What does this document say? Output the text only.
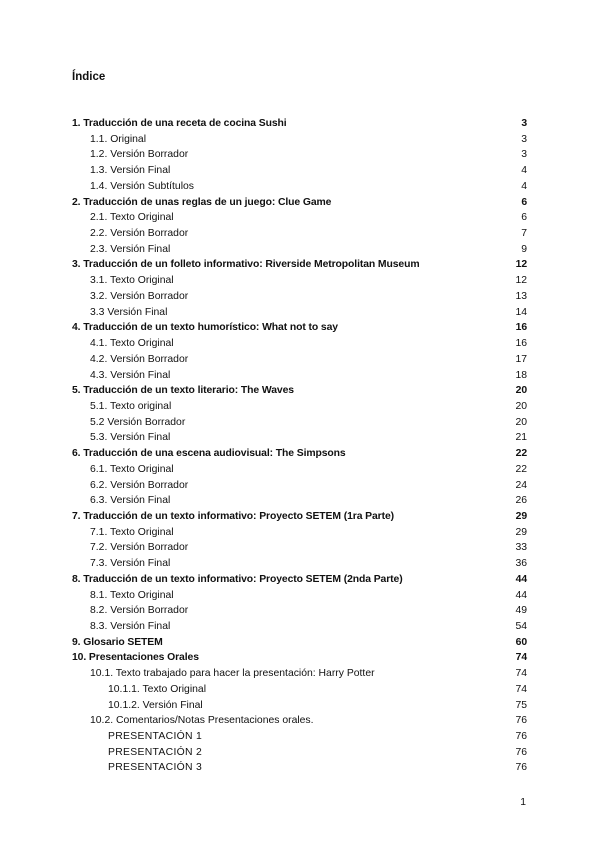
Índice
1. Traducción de una receta de cocina Sushi	3
1.1. Original	3
1.2. Versión Borrador	3
1.3. Versión Final	4
1.4. Versión Subtítulos	4
2. Traducción de unas reglas de un juego: Clue Game	6
2.1. Texto Original	6
2.2. Versión Borrador	7
2.3. Versión Final	9
3. Traducción de un folleto informativo: Riverside Metropolitan Museum	12
3.1. Texto Original	12
3.2. Versión Borrador	13
3.3 Versión Final	14
4. Traducción de un texto humorístico: What not to say	16
4.1. Texto Original	16
4.2. Versión Borrador	17
4.3. Versión Final	18
5. Traducción de un texto literario: The Waves	20
5.1. Texto original	20
5.2 Versión Borrador	20
5.3. Versión Final	21
6. Traducción de una escena audiovisual: The Simpsons	22
6.1. Texto Original	22
6.2. Versión Borrador	24
6.3. Versión Final	26
7. Traducción de un texto informativo: Proyecto SETEM (1ra Parte)	29
7.1. Texto Original	29
7.2. Versión Borrador	33
7.3. Versión Final	36
8. Traducción de un texto informativo: Proyecto SETEM (2nda Parte)	44
8.1. Texto Original	44
8.2. Versión Borrador	49
8.3. Versión Final	54
9. Glosario SETEM	60
10. Presentaciones Orales	74
10.1. Texto trabajado para hacer la presentación: Harry Potter	74
10.1.1. Texto Original	74
10.1.2. Versión Final	75
10.2. Comentarios/Notas Presentaciones orales.	76
PRESENTACIÓN 1	76
PRESENTACIÓN 2	76
PRESENTACIÓN 3	76
1
